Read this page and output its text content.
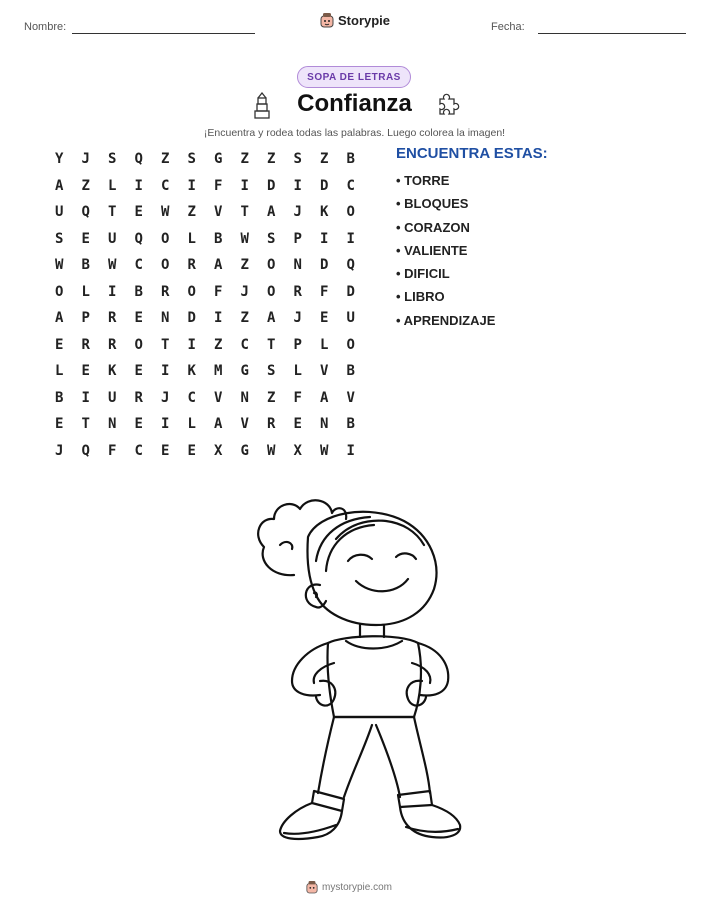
Nombre:	Storypie	Fecha:
SOPA DE LETRAS
Confianza
¡Encuentra y rodea todas las palabras. Luego colorea la imagen!
Y	J	S	Q	Z	S	G	Z	Z	S	Z	B
A	Z	L	I	C	I	F	I	D	I	D	C
U	Q	T	E	W	Z	V	T	A	J	K	O
S	E	U	Q	O	L	B	W	S	P	I	I
W	B	W	C	O	R	A	Z	O	N	D	Q
O	L	I	B	R	O	F	J	O	R	F	D
A	P	R	E	N	D	I	Z	A	J	E	U
E	R	R	O	T	I	Z	C	T	P	L	O
L	E	K	E	I	K	M	G	S	L	V	B
B	I	U	R	J	C	V	N	Z	F	A	V
E	T	N	E	I	L	A	V	R	E	N	B
J	Q	F	C	E	E	X	G	W	X	W	I
ENCUENTRA ESTAS:
• TORRE
• BLOQUES
• CORAZON
• VALIENTE
• DIFICIL
• LIBRO
• APRENDIZAJE
mystorypie.com
